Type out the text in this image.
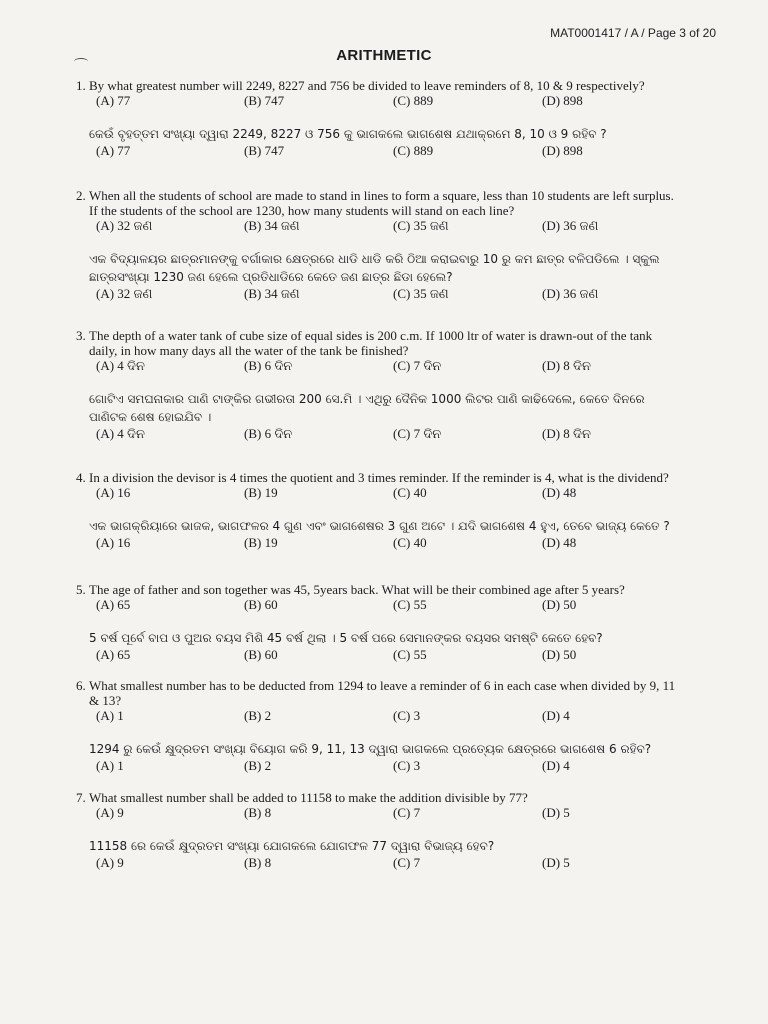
MAT0001417 / A / Page 3 of 20
ARITHMETIC
1. By what greatest number will 2249, 8227 and 756 be divided to leave reminders of 8, 10 & 9 respectively?
(A) 77	(B) 747	(C) 889	(D) 898
କେଉଁ ବୃହତ୍ତମ ସଂଖ୍ୟା ଦ୍ୱାରା 2249, 8227 ଓ 756 କୁ ଭାଗକଲେ ଭାଗଶେଷ ଯଥାକ୍ରମେ 8, 10 ଓ 9 ରହିବ ?
(A) 77	(B) 747	(C) 889	(D) 898
2. When all the students of school are made to stand in lines to form a square, less than 10 students are left surplus. If the students of the school are 1230, how many students will stand on each line?
(A) 32 ଜଣ	(B) 34 ଜଣ	(C) 35 ଜଣ	(D) 36 ଜଣ
ଏକ ବିଦ୍ୟାଳୟର ଛାତ୍ରମାନଙ୍କୁ ବର୍ଗାକାର କ୍ଷେତ୍ରରେ ଧାଡି ଧାଡି କରି ଠିଆ କରାଇବାରୁ 10 ରୁ କମ ଛାତ୍ର ବଳିପଡିଲେ । ସ୍କୁଲ ଛାତ୍ରସଂଖ୍ୟା 1230 ଜଣ ହେଲେ ପ୍ରତିଧାଡିରେ କେତେ ଜଣ ଛାତ୍ର ଛିଡା ହେଲେ?
(A) 32 ଜଣ	(B) 34 ଜଣ	(C) 35 ଜଣ	(D) 36 ଜଣ
3. The depth of a water tank of cube size of equal sides is 200 c.m. If 1000 ltr of water is drawn-out of the tank daily, in how many days all the water of the tank be finished?
(A) 4 ଦିନ	(B) 6 ଦିନ	(C) 7 ଦିନ	(D) 8 ଦିନ
ଗୋଟିଏ ସମଘନାକାର ପାଣି ଟାଙ୍କିର ଗଭୀରତା 200 ସେ.ମି । ଏଥିରୁ ଦୈନିକ 1000 ଲିଟର ପାଣି କାଢିଦେଲେ, କେତେ ଦିନରେ ପାଣିଟକ ଶେଷ ହୋଇଯିବ ।
(A) 4 ଦିନ	(B) 6 ଦିନ	(C) 7 ଦିନ	(D) 8 ଦିନ
4. In a division the devisor is 4 times the quotient and 3 times reminder. If the reminder is 4, what is the dividend?
(A) 16	(B) 19	(C) 40	(D) 48
ଏକ ଭାଗକ୍ରିୟାରେ ଭାଜକ, ଭାଗଫଳର 4 ଗୁଣ ଏବଂ ଭାଗଶେଷର 3 ଗୁଣ ଅଟେ । ଯଦି ଭାଗଶେଷ 4 ହୁଏ, ତେବେ ଭାଜ୍ୟ କେତେ ?
(A) 16	(B) 19	(C) 40	(D) 48
5. The age of father and son together was 45, 5years back. What will be their combined age after 5 years?
(A) 65	(B) 60	(C) 55	(D) 50
5 ବର୍ଷ ପୂର୍ବେ ବାପ ଓ ପୁଅର ବୟସ ମିଶି 45 ବର୍ଷ ଥିଲା । 5 ବର୍ଷ ପରେ ସେମାନଙ୍କର ବୟସର ସମଷ୍ଟି କେତେ ହେବ?
(A) 65	(B) 60	(C) 55	(D) 50
6. What smallest number has to be deducted from 1294 to leave a reminder of 6 in each case when divided by 9, 11 & 13?
(A) 1	(B) 2	(C) 3	(D) 4
1294 ରୁ କେଉଁ କ୍ଷୁଦ୍ରତମ ସଂଖ୍ୟା ବିୟୋଗ କରି 9, 11, 13 ଦ୍ୱାରା ଭାଗକଲେ ପ୍ରତ୍ୟେକ କ୍ଷେତ୍ରରେ ଭାଗଶେଷ 6 ରହିବ?
(A) 1	(B) 2	(C) 3	(D) 4
7. What smallest number shall be added to 11158 to make the addition divisible by 77?
(A) 9	(B) 8	(C) 7	(D) 5
11158 ରେ କେଉଁ କ୍ଷୁଦ୍ରତମ ସଂଖ୍ୟା ଯୋଗକଲେ ଯୋଗଫଳ 77 ଦ୍ୱାରା ବିଭାଜ୍ୟ ହେବ?
(A) 9	(B) 8	(C) 7	(D) 5
